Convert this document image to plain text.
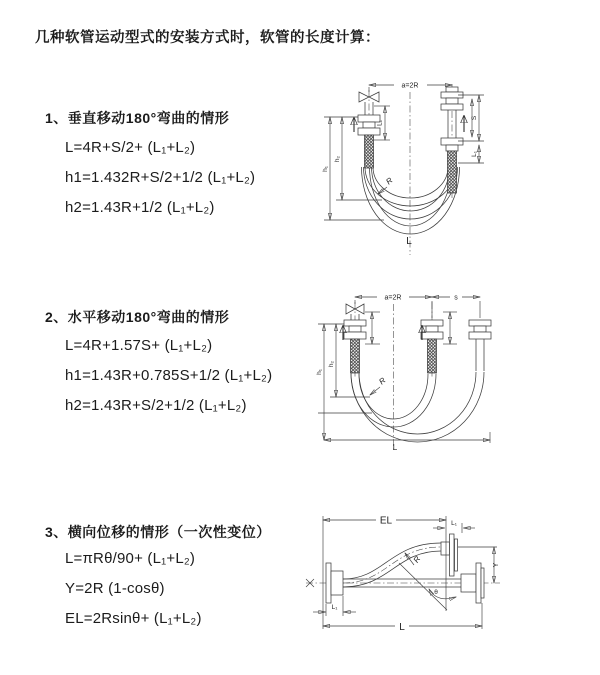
几种软管运动型式的安装方式时，软管的长度计算：
1、垂直移动180°弯曲的情形
L=4R+S/2+ (L₁+L₂)
h1=1.432R+S/2+1/2 (L₁+L₂)
h2=1.43R+1/2 (L₁+L₂)
2、水平移动180°弯曲的情形
L=4R+1.57S+ (L₁+L₂)
h1=1.43R+0.785S+1/2 (L₁+L₂)
h2=1.43R+S/2+1/2 (L₁+L₂)
3、横向位移的情形（一次性变位）
L=πRθ/90+ (L₁+L₂)
Y=2R (1-cosθ)
EL=2Rsinθ+ (L₁+L₂)
a=2R
L₁
S
L₁
h₁
h₂
R
L
a=2R	s
h₁
h₂
L
R
θ
EL	L₁
L₁
L
Y
R
